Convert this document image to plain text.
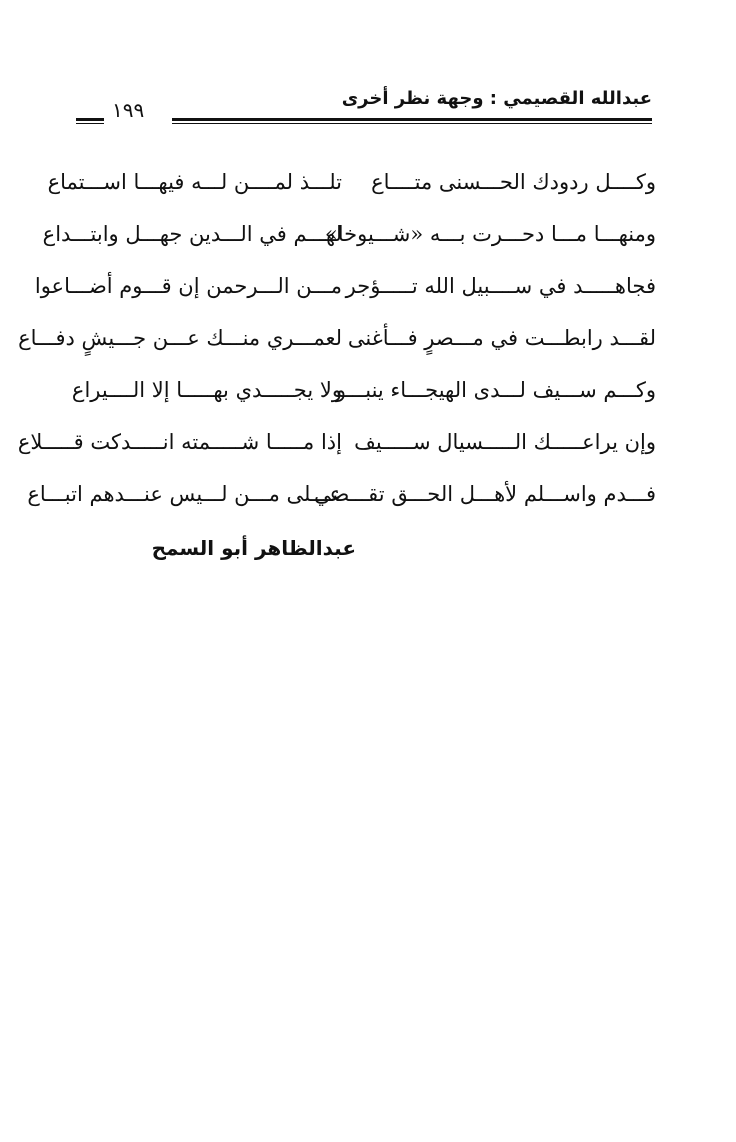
عبدالله القصيمي : وجهة نظر أخرى
١٩٩
وكــــل ردودك الحـــسنى متــــاع
تلـــذ لمــــن لـــه فيهـــا اســـتماع
ومنهـــا مـــا دحـــرت بـــه «شـــيوخا»
لهـــم في الـــدين جهـــل وابتـــداع
فجاهـــــد في ســــبيل الله تـــــؤجر
مـــن الـــرحمن إن قـــوم أضـــاعوا
لقـــد رابطـــت في مـــصرٍ فـــأغنى
لعمـــري منـــك عـــن جـــيشٍ دفـــاع
وكـــم ســـيف لـــدى الهيجـــاء ينبـــو
ولا يجـــــدي بهـــــا إلا الــــيراع
وإن يراعـــــك الـــــسيال ســـــيف
إذا مـــــا شـــــمته انـــــدكت قـــــلاع
فـــدم واســـلم لأهـــل الحـــق تقـــضي
عـــلى مـــن لـــيس عنـــدهم اتبـــاع
عبدالظاهر أبو السمح
